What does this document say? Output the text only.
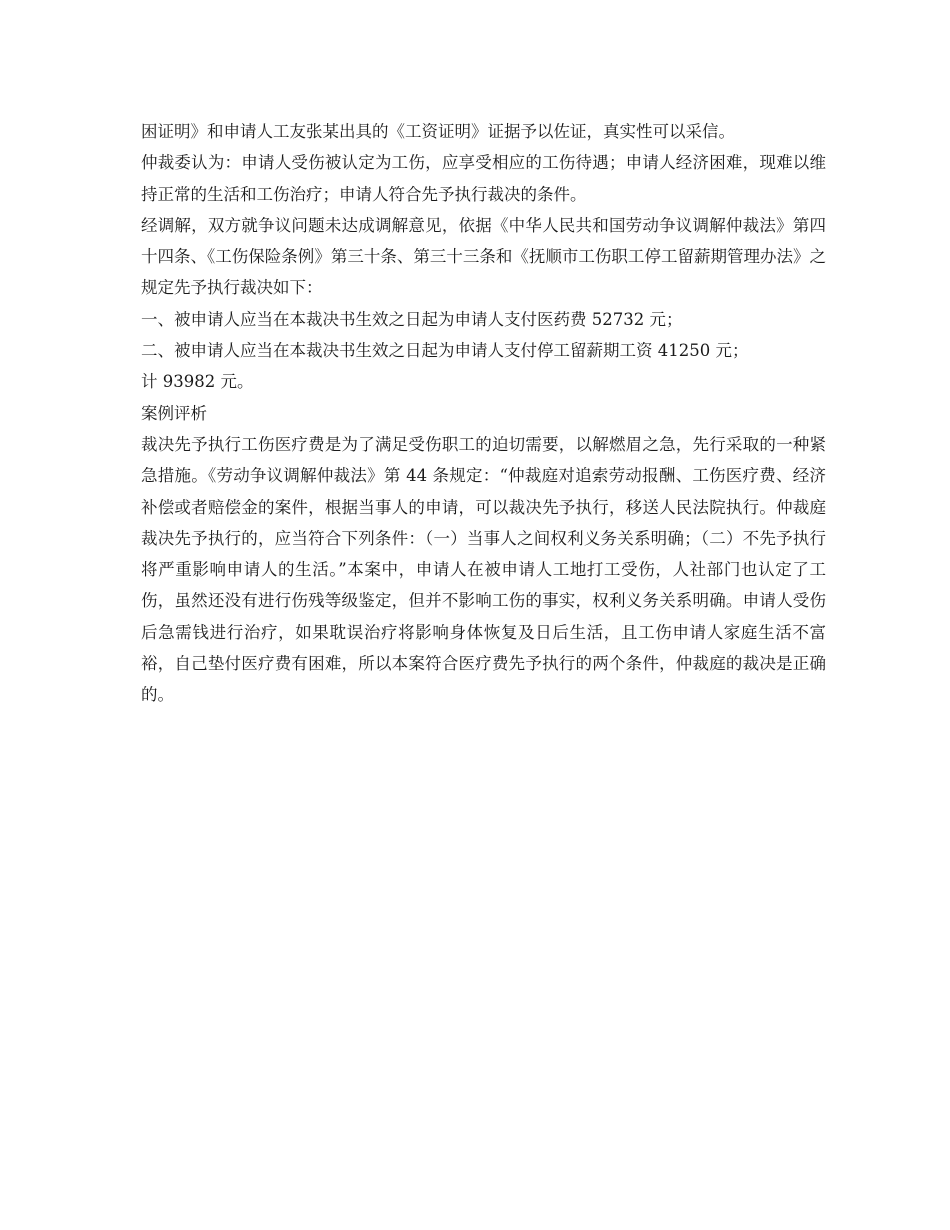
困证明》和申请人工友张某出具的《工资证明》证据予以佐证，真实性可以采信。

仲裁委认为：申请人受伤被认定为工伤，应享受相应的工伤待遇；申请人经济困难，现难以维持正常的生活和工伤治疗；申请人符合先予执行裁决的条件。

经调解，双方就争议问题未达成调解意见，依据《中华人民共和国劳动争议调解仲裁法》第四十四条、《工伤保险条例》第三十条、第三十三条和《抚顺市工伤职工停工留薪期管理办法》之规定先予执行裁决如下：

一、被申请人应当在本裁决书生效之日起为申请人支付医药费 52732 元；

二、被申请人应当在本裁决书生效之日起为申请人支付停工留薪期工资 41250 元；

计 93982 元。

案例评析

裁决先予执行工伤医疗费是为了满足受伤职工的迫切需要，以解燃眉之急，先行采取的一种紧急措施。《劳动争议调解仲裁法》第 44 条规定：“仲裁庭对追索劳动报酬、工伤医疗费、经济补偿或者赔偿金的案件，根据当事人的申请，可以裁决先予执行，移送人民法院执行。仲裁庭裁决先予执行的，应当符合下列条件：（一）当事人之间权利义务关系明确；（二）不先予执行将严重影响申请人的生活。”本案中，申请人在被申请人工地打工受伤，人社部门也认定了工伤，虽然还没有进行伤残等级鉴定，但并不影响工伤的事实，权利义务关系明确。申请人受伤后急需钱进行治疗，如果耽误治疗将影响身体恢复及日后生活，且工伤申请人家庭生活不富裕，自己垫付医疗费有困难，所以本案符合医疗费先予执行的两个条件，仲裁庭的裁决是正确的。
